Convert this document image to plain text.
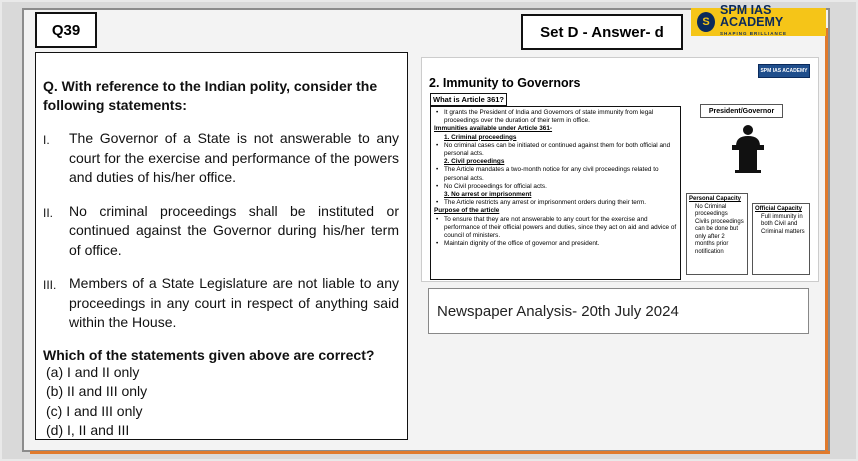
Q39	Set D - Answer- d
S
SPM IAS ACADEMY
SHAPING BRILLIANCE
Q. With reference to the Indian polity, consider the following statements:
I.	The Governor of a State is not answerable to any court for the exercise and performance of the powers and duties of his/her office.
II.	No criminal proceedings shall be instituted or continued against the Governor during his/her term of office.
III. Members of a State Legislature are not liable to any proceedings in any court in respect of anything said within the House.
Which of the statements given above are correct?
(a) I and II only
(b) II and III only
(c) I and III only
(d) I, II and III
2. Immunity to Governors
SPM IAS ACADEMY
What is Article 361?
• It grants the President of India and Governors of state immunity from legal proceedings over the duration of their term in office.
Immunities available under Article 361-
1. Criminal proceedings
• No criminal cases can be initiated or continued against them for both official and personal acts.
2. Civil proceedings
• The Article mandates a two-month notice for any civil proceedings related to personal acts.
• No Civil proceedings for official acts.
3. No arrest or imprisonment
• The Article restricts any arrest or imprisonment orders during their term.
Purpose of the article
• To ensure that they are not answerable to any court for the exercise and performance of their official powers and duties, since they act on aid and advice of council of ministers.
• Maintain dignity of the office of governor and president.
President/Governor
Personal Capacity
No Criminal proceedings
Civils proceedings can be done but only after 2 months prior notification
Official Capacity
Full immunity in both Civil and Criminal matters
Newspaper Analysis- 20th July 2024
